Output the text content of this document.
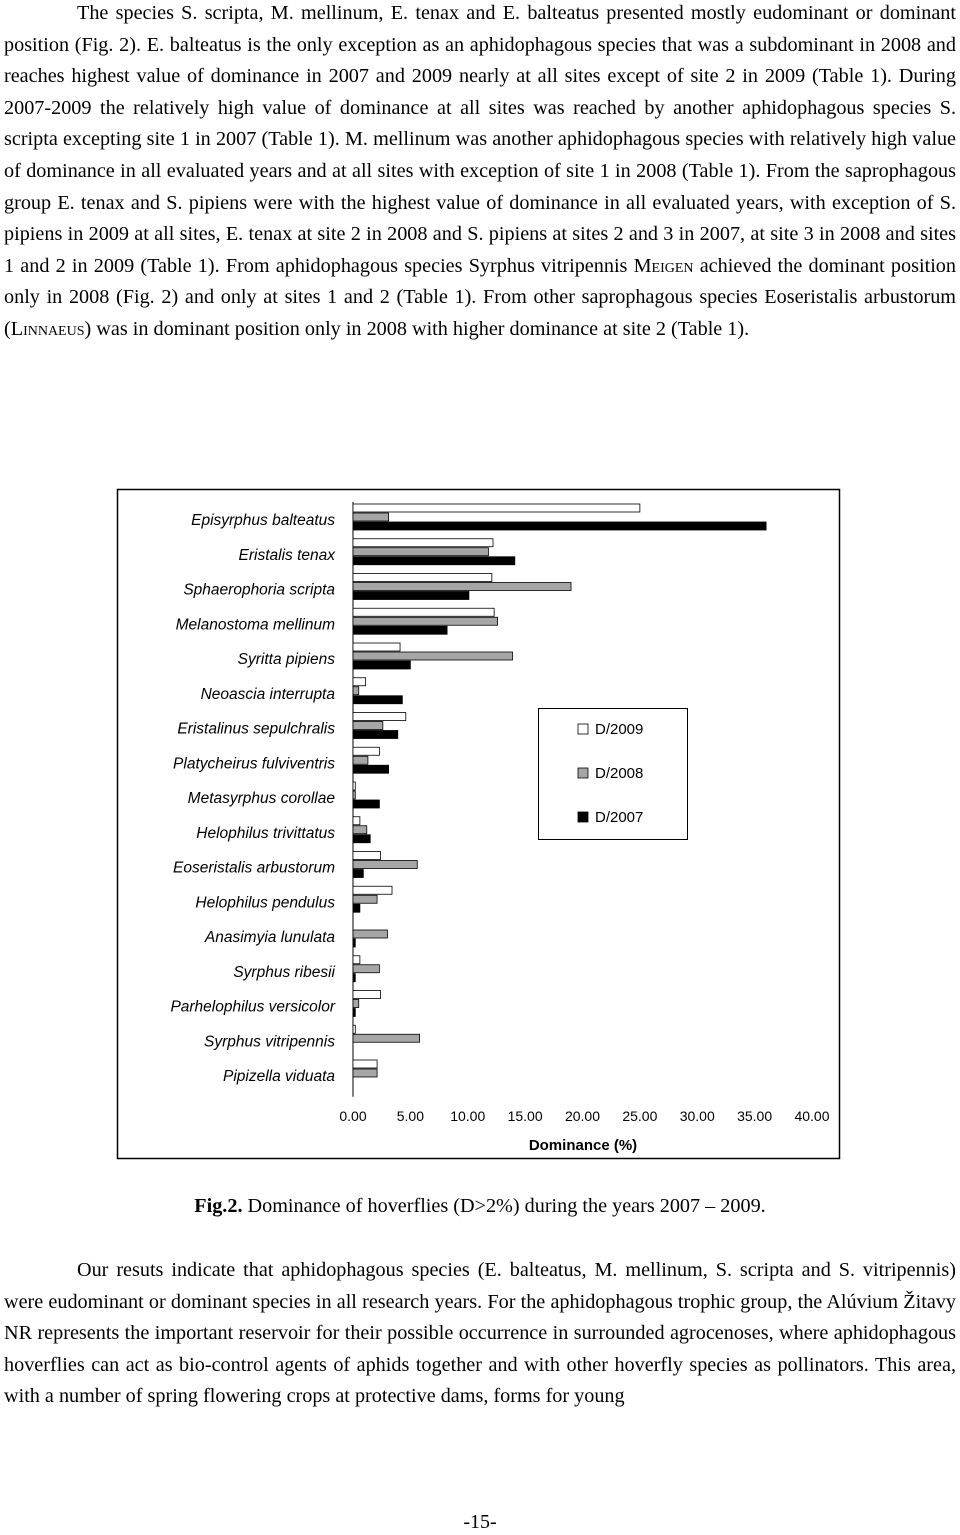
The species S. scripta, M. mellinum, E. tenax and E. balteatus presented mostly eudominant or dominant position (Fig. 2). E. balteatus is the only exception as an aphidophagous species that was a subdominant in 2008 and reaches highest value of dominance in 2007 and 2009 nearly at all sites except of site 2 in 2009 (Table 1). During 2007-2009 the relatively high value of dominance at all sites was reached by another aphidophagous species S. scripta excepting site 1 in 2007 (Table 1). M. mellinum was another aphidophagous species with relatively high value of dominance in all evaluated years and at all sites with exception of site 1 in 2008 (Table 1). From the saprophagous group E. tenax and S. pipiens were with the highest value of dominance in all evaluated years, with exception of S. pipiens in 2009 at all sites, E. tenax at site 2 in 2008 and S. pipiens at sites 2 and 3 in 2007, at site 3 in 2008 and sites 1 and 2 in 2009 (Table 1). From aphidophagous species Syrphus vitripennis Meigen achieved the dominant position only in 2008 (Fig. 2) and only at sites 1 and 2 (Table 1). From other saprophagous species Eoseristalis arbustorum (Linnaeus) was in dominant position only in 2008 with higher dominance at site 2 (Table 1).

Episyrphus balteatus
Eristalis tenax
Sphaerophoria scripta
Melanostoma mellinum
Syritta pipiens
Neoascia interrupta
Eristalinus sepulchralis
Platycheirus fulviventris
Metasyrphus corollae
Helophilus trivittatus
Eoseristalis arbustorum
Helophilus pendulus
Anasimyia lunulata
Syrphus ribesii
Parhelophilus versicolor
Syrphus vitripennis
Pipizella viduata
0.00 5.00 10.00 15.00 20.00 25.00 30.00 35.00 40.00
Dominance (%)
D/2009
D/2008
D/2007
Fig.2. Dominance of hoverflies (D>2%) during the years 2007 – 2009.

Our resuts indicate that aphidophagous species (E. balteatus, M. mellinum, S. scripta and S. vitripennis) were eudominant or dominant species in all research years. For the aphidophagous trophic group, the Alúvium Žitavy NR represents the important reservoir for their possible occurrence in surrounded agrocenoses, where aphidophagous hoverflies can act as bio-control agents of aphids together and with other hoverfly species as pollinators. This area, with a number of spring flowering crops at protective dams, forms for young

-15-
